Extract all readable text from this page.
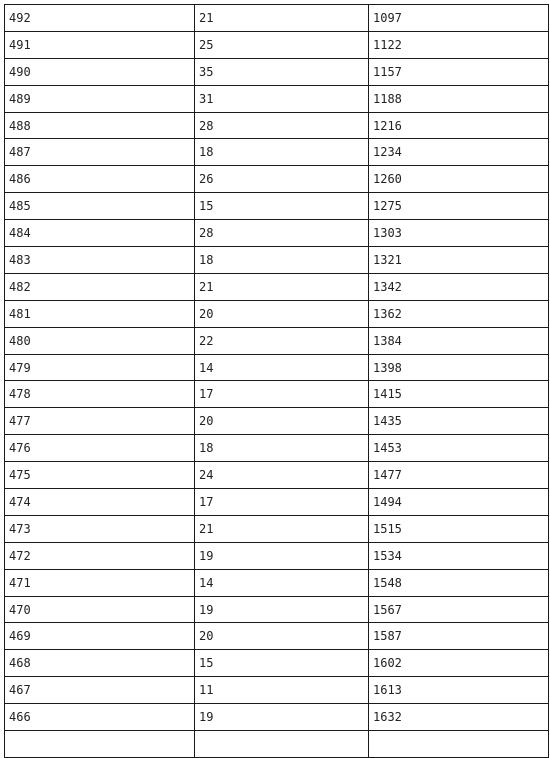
492	21	1097
491	25	1122
490	35	1157
489	31	1188
488	28	1216
487	18	1234
486	26	1260
485	15	1275
484	28	1303
483	18	1321
482	21	1342
481	20	1362
480	22	1384
479	14	1398
478	17	1415
477	20	1435
476	18	1453
475	24	1477
474	17	1494
473	21	1515
472	19	1534
471	14	1548
470	19	1567
469	20	1587
468	15	1602
467	11	1613
466	19	1632
